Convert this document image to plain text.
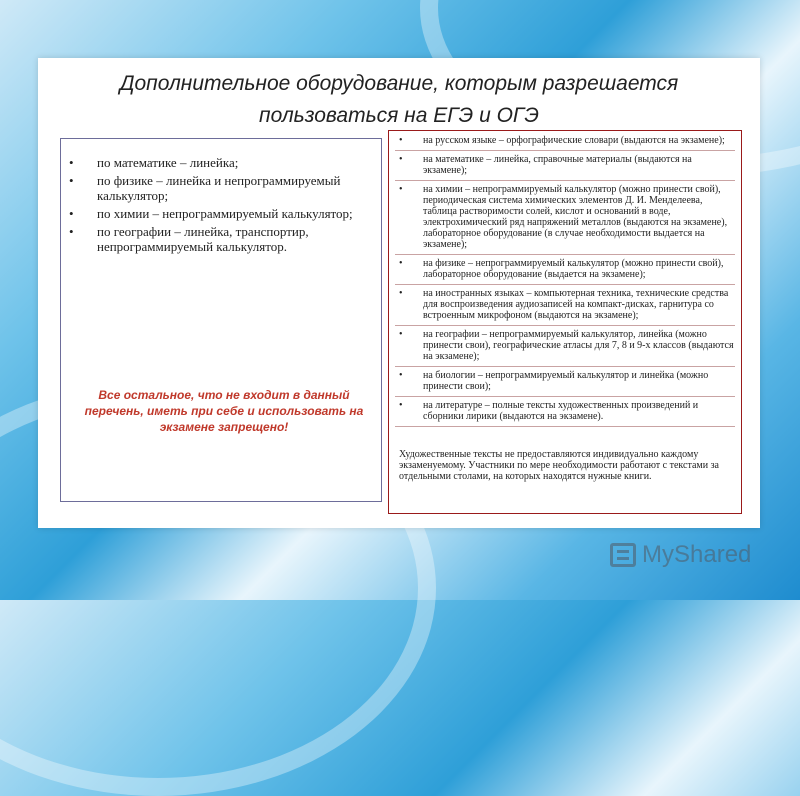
Дополнительное оборудование, которым разрешается
пользоваться на ЕГЭ и ОГЭ
• по математике – линейка;
• по физике – линейка и непрограммируемый калькулятор;
• по химии – непрограммируемый калькулятор;
• по географии – линейка, транспортир, непрограммируемый калькулятор.
Все остальное, что не входит в данный перечень, иметь при себе и использовать на экзамене запрещено!
• на русском языке – орфографические словари (выдаются на экзамене);
• на математике – линейка, справочные материалы (выдаются на экзамене);
• на химии – непрограммируемый калькулятор (можно принести свой), периодическая система химических элементов Д. И. Менделеева, таблица растворимости солей, кислот и оснований в воде, электрохимический ряд напряжений металлов (выдаются на экзамене), лабораторное оборудование (в случае необходимости выдается на экзамене);
• на физике – непрограммируемый калькулятор (можно принести свой), лабораторное оборудование (выдается на экзамене);
• на иностранных языках – компьютерная техника, технические средства для воспроизведения аудиозаписей на компакт-дисках, гарнитура со встроенным микрофоном (выдаются на экзамене);
• на географии – непрограммируемый калькулятор, линейка (можно принести свои), географические атласы для 7, 8 и 9-х классов (выдаются на экзамене);
• на биологии – непрограммируемый калькулятор и линейка (можно принести свои);
• на литературе – полные тексты художественных произведений и сборники лирики (выдаются на экзамене).
Художественные тексты не предоставляются индивидуально каждому экзаменуемому. Участники по мере необходимости работают с текстами за отдельными столами, на которых находятся нужные книги.
MyShared
